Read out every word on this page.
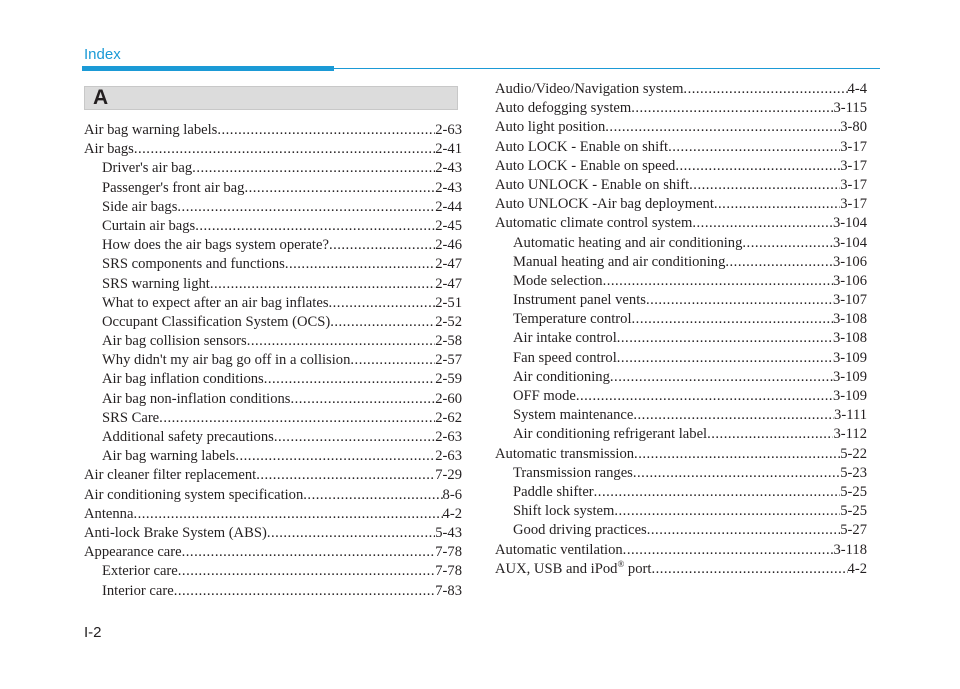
Index
A
Air bag warning labels .....	2-63
Air bags .....	2-41
Driver's air bag .....	2-43
Passenger's front air bag .....	2-43
Side air bags .....	2-44
Curtain air bags .....	2-45
How does the air bags system operate? .....	2-46
SRS components and functions .....	2-47
SRS warning light .....	2-47
What to expect after an air bag inflates .....	2-51
Occupant Classification System (OCS) .....	2-52
Air bag collision sensors .....	2-58
Why didn't my air bag go off in a collision .....	2-57
Air bag inflation conditions .....	2-59
Air bag non-inflation conditions .....	2-60
SRS Care .....	2-62
Additional safety precautions .....	2-63
Air bag warning labels .....	2-63
Air cleaner filter replacement .....	7-29
Air conditioning system specification .....	8-6
Antenna .....	4-2
Anti-lock Brake System (ABS) .....	5-43
Appearance care .....	7-78
Exterior care .....	7-78
Interior care .....	7-83
Audio/Video/Navigation system .....	4-4
Auto defogging system .....	3-115
Auto light position .....	3-80
Auto LOCK - Enable on shift .....	3-17
Auto LOCK - Enable on speed .....	3-17
Auto UNLOCK - Enable on shift .....	3-17
Auto UNLOCK -Air bag deployment .....	3-17
Automatic climate control system .....	3-104
Automatic heating and air conditioning .....	3-104
Manual heating and air conditioning .....	3-106
Mode selection .....	3-106
Instrument panel vents .....	3-107
Temperature control .....	3-108
Air intake control .....	3-108
Fan speed control .....	3-109
Air conditioning .....	3-109
OFF mode .....	3-109
System maintenance .....	3-111
Air conditioning refrigerant label .....	3-112
Automatic transmission .....	5-22
Transmission ranges .....	5-23
Paddle shifter .....	5-25
Shift lock system .....	5-25
Good driving practices .....	5-27
Automatic ventilation .....	3-118
AUX, USB and iPod® port .....	4-2
I-2
